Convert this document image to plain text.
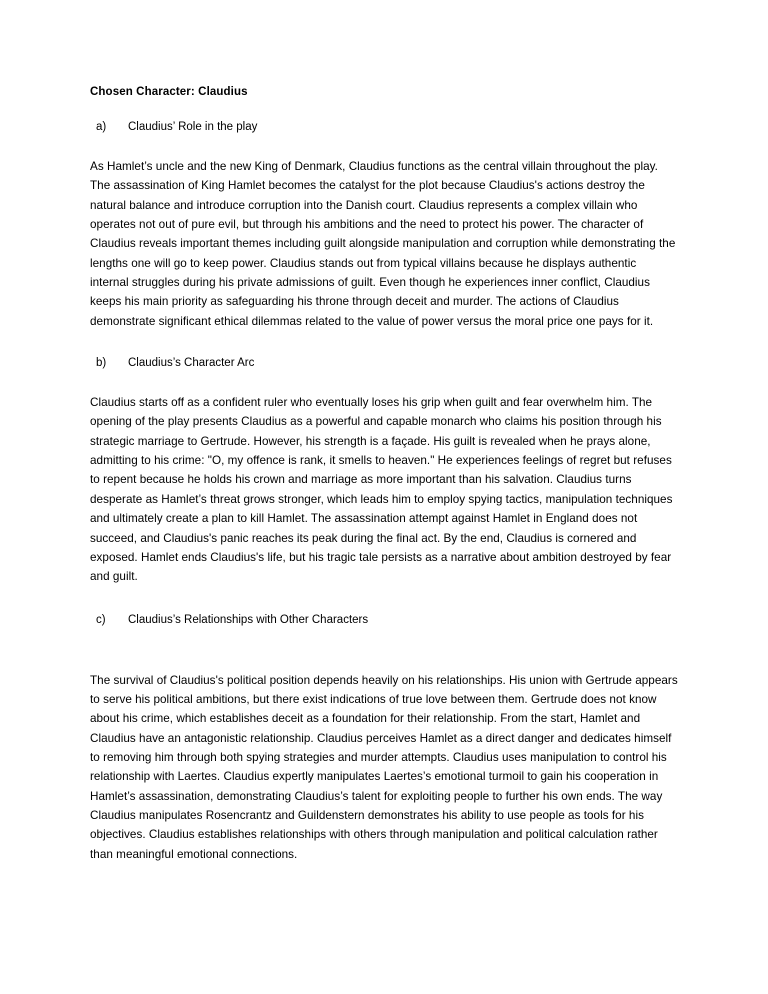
Chosen Character: Claudius
a) Claudius’ Role in the play

As Hamlet’s uncle and the new King of Denmark, Claudius functions as the central villain throughout the play. The assassination of King Hamlet becomes the catalyst for the plot because Claudius's actions destroy the natural balance and introduce corruption into the Danish court. Claudius represents a complex villain who operates not out of pure evil, but through his ambitions and the need to protect his power. The character of Claudius reveals important themes including guilt alongside manipulation and corruption while demonstrating the lengths one will go to keep power. Claudius stands out from typical villains because he displays authentic internal struggles during his private admissions of guilt. Even though he experiences inner conflict, Claudius keeps his main priority as safeguarding his throne through deceit and murder. The actions of Claudius demonstrate significant ethical dilemmas related to the value of power versus the moral price one pays for it.

b) Claudius’s Character Arc

Claudius starts off as a confident ruler who eventually loses his grip when guilt and fear overwhelm him. The opening of the play presents Claudius as a powerful and capable monarch who claims his position through his strategic marriage to Gertrude. However, his strength is a façade. His guilt is revealed when he prays alone, admitting to his crime: "O, my offence is rank, it smells to heaven." He experiences feelings of regret but refuses to repent because he holds his crown and marriage as more important than his salvation. Claudius turns desperate as Hamlet’s threat grows stronger, which leads him to employ spying tactics, manipulation techniques and ultimately create a plan to kill Hamlet. The assassination attempt against Hamlet in England does not succeed, and Claudius's panic reaches its peak during the final act. By the end, Claudius is cornered and exposed. Hamlet ends Claudius's life, but his tragic tale persists as a narrative about ambition destroyed by fear and guilt.

c) Claudius’s Relationships with Other Characters

The survival of Claudius's political position depends heavily on his relationships. His union with Gertrude appears to serve his political ambitions, but there exist indications of true love between them. Gertrude does not know about his crime, which establishes deceit as a foundation for their relationship. From the start, Hamlet and Claudius have an antagonistic relationship. Claudius perceives Hamlet as a direct danger and dedicates himself to removing him through both spying strategies and murder attempts. Claudius uses manipulation to control his relationship with Laertes. Claudius expertly manipulates Laertes’s emotional turmoil to gain his cooperation in Hamlet’s assassination, demonstrating Claudius’s talent for exploiting people to further his own ends. The way Claudius manipulates Rosencrantz and Guildenstern demonstrates his ability to use people as tools for his objectives. Claudius establishes relationships with others through manipulation and political calculation rather than meaningful emotional connections.
